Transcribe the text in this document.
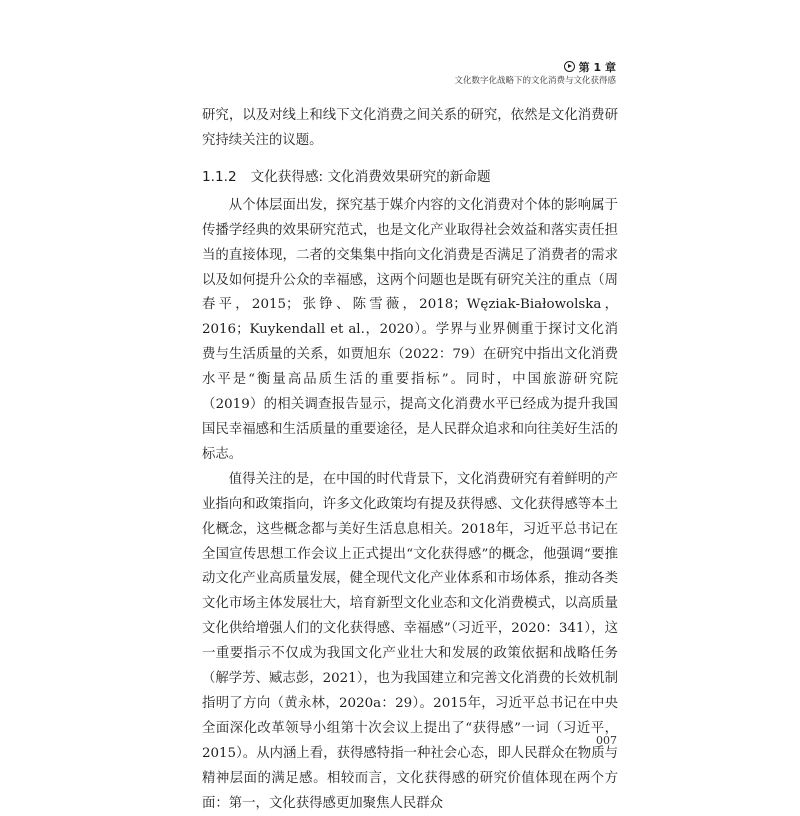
第 1 章
文化数字化战略下的文化消费与文化获得感

研究，以及对线上和线下文化消费之间关系的研究，依然是文化消费研究持续关注的议题。

1.1.2 文化获得感: 文化消费效果研究的新命题

从个体层面出发，探究基于媒介内容的文化消费对个体的影响属于传播学经典的效果研究范式，也是文化产业取得社会效益和落实责任担当的直接体现，二者的交集集中指向文化消费是否满足了消费者的需求以及如何提升公众的幸福感，这两个问题也是既有研究关注的重点（周春平，2015；张铮、陈雪薇，2018；Węziak-Białowolska，2016；Kuykendall et al.，2020）。学界与业界侧重于探讨文化消费与生活质量的关系，如贾旭东（2022：79）在研究中指出文化消费水平是“衡量高品质生活的重要指标”。同时，中国旅游研究院（2019）的相关调查报告显示，提高文化消费水平已经成为提升我国国民幸福感和生活质量的重要途径，是人民群众追求和向往美好生活的标志。

值得关注的是，在中国的时代背景下，文化消费研究有着鲜明的产业指向和政策指向，许多文化政策均有提及获得感、文化获得感等本土化概念，这些概念都与美好生活息息相关。2018年，习近平总书记在全国宣传思想工作会议上正式提出“文化获得感”的概念，他强调“要推动文化产业高质量发展，健全现代文化产业体系和市场体系，推动各类文化市场主体发展壮大，培育新型文化业态和文化消费模式，以高质量文化供给增强人们的文化获得感、幸福感”（习近平，2020：341），这一重要指示不仅成为我国文化产业壮大和发展的政策依据和战略任务（解学芳、臧志彭，2021），也为我国建立和完善文化消费的长效机制指明了方向（黄永林，2020a：29）。2015年，习近平总书记在中央全面深化改革领导小组第十次会议上提出了“获得感”一词（习近平，2015）。从内涵上看，获得感特指一种社会心态，即人民群众在物质与精神层面的满足感。相较而言，文化获得感的研究价值体现在两个方面：第一，文化获得感更加聚焦人民群众

007
